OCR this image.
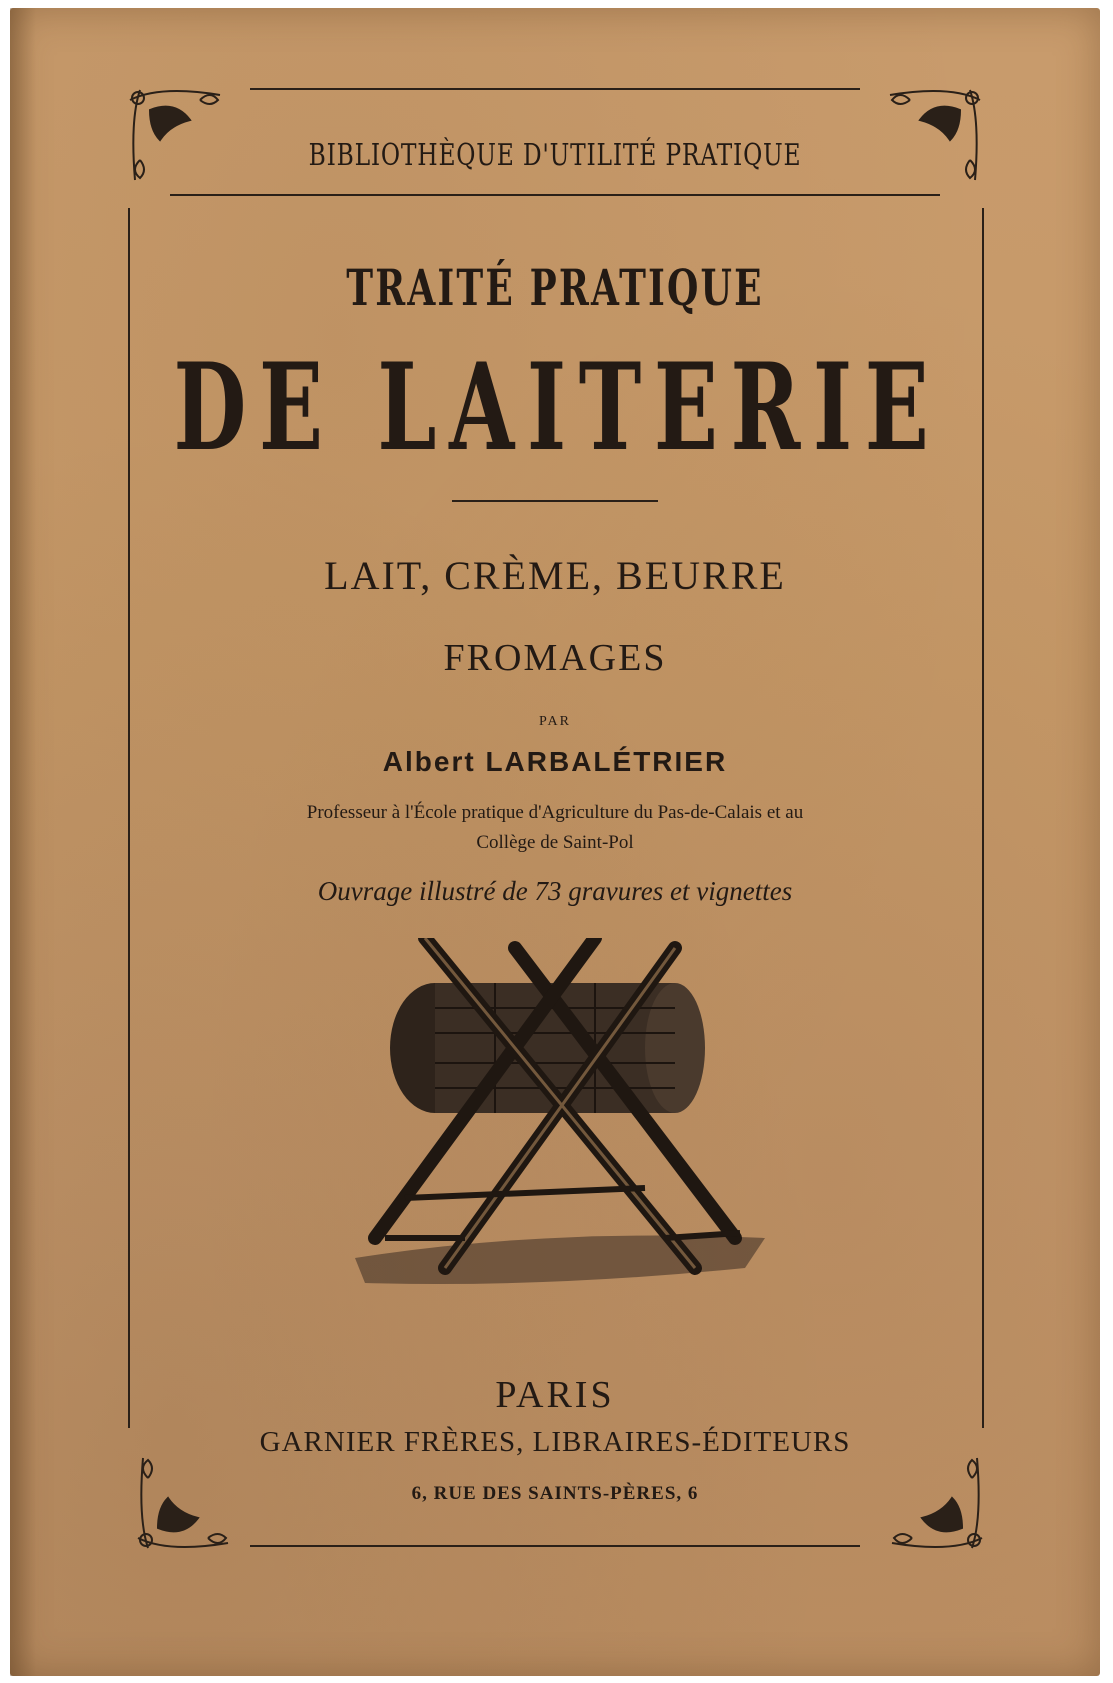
BIBLIOTHÈQUE D'UTILITÉ PRATIQUE
TRAITÉ PRATIQUE
DE LAITERIE
LAIT, CRÈME, BEURRE
FROMAGES
PAR
Albert LARBALÉTRIER
Professeur à l'École pratique d'Agriculture du Pas-de-Calais et au
Collège de Saint-Pol
Ouvrage illustré de 73 gravures et vignettes
PARIS
GARNIER FRÈRES, LIBRAIRES-ÉDITEURS
6, RUE DES SAINTS-PÈRES, 6
